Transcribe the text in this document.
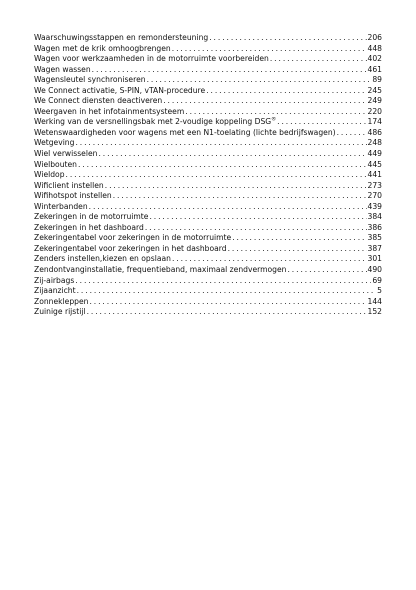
Waarschuwingsstappen en remondersteuning . . .	206
Wagen met de krik omhoogbrengen . . .	448
Wagen voor werkzaamheden in de motorruimte voorbereiden . . .	402
Wagen wassen . . .	461
Wagensleutel synchroniseren . . .	89
We Connect activatie, S-PIN, vTAN-procedure . . .	245
We Connect diensten deactiveren . . .	249
Weergaven in het infotainmentsysteem . . .	220
Werking van de versnellingsbak met 2-voudige koppeling DSG® . . .	174
Wetenswaardigheden voor wagens met een N1-toelating (lichte bedrijfswagen) . . .	486
Wetgeving . . .	248
Wiel verwisselen . . .	449
Wielbouten . . .	445
Wieldop . . .	441
Wificlient instellen . . .	273
Wifihotspot instellen . . .	270
Winterbanden . . .	439
Zekeringen in de motorruimte . . .	384
Zekeringen in het dashboard . . .	386
Zekeringentabel voor zekeringen in de motorruimte . . .	385
Zekeringentabel voor zekeringen in het dashboard . . .	387
Zenders instellen,kiezen en opslaan . . .	301
Zendontvanginstallatie, frequentieband, maximaal zendvermogen . . .	490
Zij-airbags . . .	69
Zijaanzicht . . .	5
Zonnekleppen . . .	144
Zuinige rijstijl . . .	152
